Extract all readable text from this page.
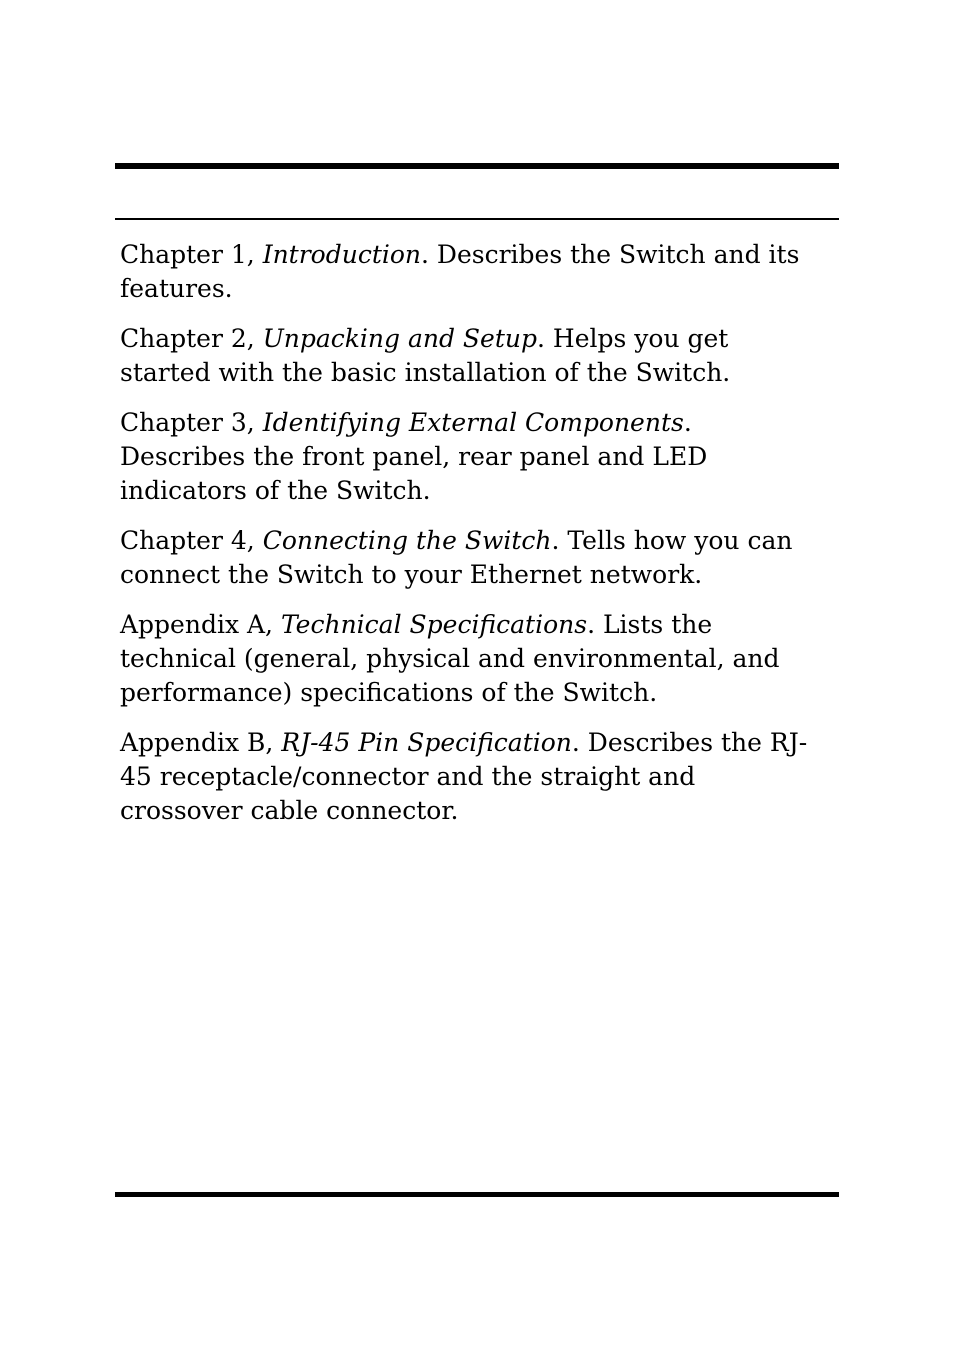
Chapter 1, Introduction. Describes the Switch and its features.

Chapter 2, Unpacking and Setup. Helps you get started with the basic installation of the Switch.

Chapter 3, Identifying External Components. Describes the front panel, rear panel and LED indicators of the Switch.

Chapter 4, Connecting the Switch. Tells how you can connect the Switch to your Ethernet network.

Appendix A, Technical Specifications. Lists the technical (general, physical and environmental, and performance) specifications of the Switch.

Appendix B, RJ-45 Pin Specification. Describes the RJ-45 receptacle/connector and the straight and crossover cable connector.
